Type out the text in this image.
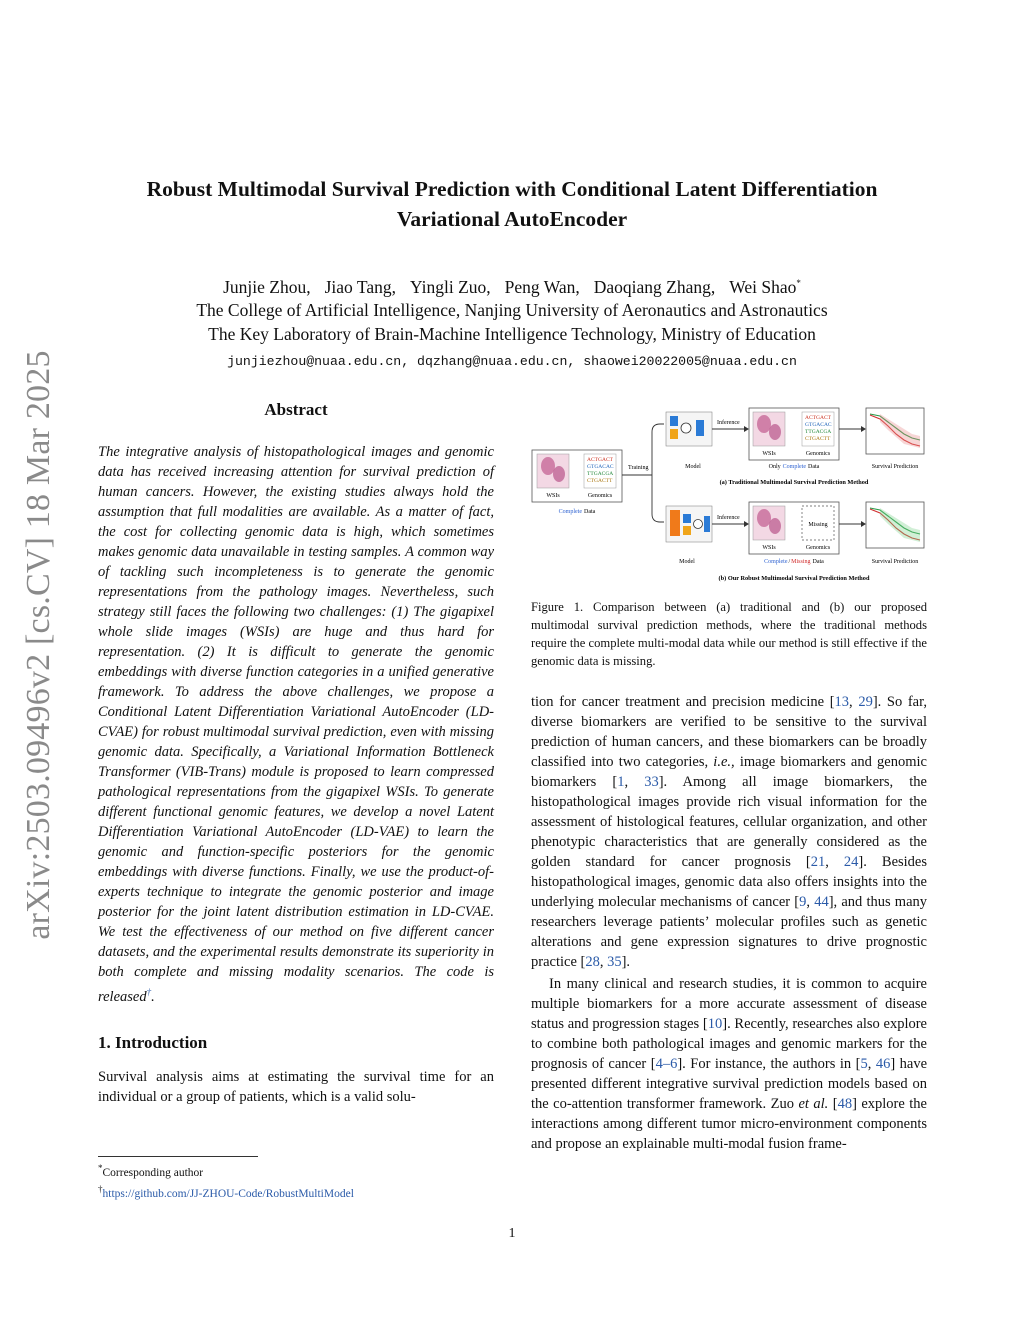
arXiv:2503.09496v2 [cs.CV] 18 Mar 2025
Robust Multimodal Survival Prediction with Conditional Latent Differentiation
Variational AutoEncoder
Junjie Zhou, Jiao Tang, Yingli Zuo, Peng Wan, Daoqiang Zhang, Wei Shao*
The College of Artificial Intelligence, Nanjing University of Aeronautics and Astronautics
The Key Laboratory of Brain-Machine Intelligence Technology, Ministry of Education
junjiezhou@nuaa.edu.cn, dqzhang@nuaa.edu.cn, shaowei20022005@nuaa.edu.cn
Abstract

The integrative analysis of histopathological images and genomic data has received increasing attention for survival prediction of human cancers. However, the existing studies always hold the assumption that full modalities are available. As a matter of fact, the cost for collecting genomic data is high, which sometimes makes genomic data unavailable in testing samples. A common way of tackling such incompleteness is to generate the genomic representations from the pathology images. Nevertheless, such strategy still faces the following two challenges: (1) The gigapixel whole slide images (WSIs) are huge and thus hard for representation. (2) It is difficult to generate the genomic embeddings with diverse function categories in a unified generative framework. To address the above challenges, we propose a Conditional Latent Differentiation Variational AutoEncoder (LD-CVAE) for robust multimodal survival prediction, even with missing genomic data. Specifically, a Variational Information Bottleneck Transformer (VIB-Trans) module is proposed to learn compressed pathological representations from the gigapixel WSIs. To generate different functional genomic features, we develop a novel Latent Differentiation Variational AutoEncoder (LD-VAE) to learn the genomic and function-specific posteriors for the genomic embeddings with diverse functions. Finally, we use the product-of-experts technique to integrate the genomic posterior and image posterior for the joint latent distribution estimation in LD-CVAE. We test the effectiveness of our method on five different cancer datasets, and the experimental results demonstrate its superiority in both complete and missing modality scenarios. The code is released†.

1. Introduction

Survival analysis aims at estimating the survival time for an individual or a group of patients, which is a valid solu-

*Corresponding author
†https://github.com/JJ-ZHOU-Code/RobustMultiModel
ACTGACT
GTGACAC
TTGACGA
CTGACTT
WSIs	Genomics
Complete Data
Training
Inference
Model
ACTGACT
GTGACAC
TTGACGA
CTGACTT
WSIs	Genomics
Only Complete Data	Survival Prediction
(a) Traditional Multimodal Survival Prediction Method
Inference
Model
Missing
WSIs	Genomics
Complete/Missing Data	Survival Prediction
(b) Our Robust Multimodal Survival Prediction Method
Figure 1. Comparison between (a) traditional and (b) our proposed multimodal survival prediction methods, where the traditional methods require the complete multi-modal data while our method is still effective if the genomic data is missing.

tion for cancer treatment and precision medicine [13, 29]. So far, diverse biomarkers are verified to be sensitive to the survival prediction of human cancers, and these biomarkers can be broadly classified into two categories, i.e., image biomarkers and genomic biomarkers [1, 33]. Among all image biomarkers, the histopathological images provide rich visual information for the assessment of histological features, cellular organization, and other phenotypic characteristics that are generally considered as the golden standard for cancer prognosis [21, 24]. Besides histopathological images, genomic data also offers insights into the underlying molecular mechanisms of cancer [9, 44], and thus many researchers leverage patients’ molecular profiles such as genetic alterations and gene expression signatures to drive prognostic practice [28, 35].

In many clinical and research studies, it is common to acquire multiple biomarkers for a more accurate assessment of disease status and progression stages [10]. Recently, researches also explore to combine both pathological images and genomic markers for the prognosis of cancer [4–6]. For instance, the authors in [5, 46] have presented different integrative survival prediction models based on the co-attention transformer framework. Zuo et al. [48] explore the interactions among different tumor micro-environment components and propose an explainable multi-modal fusion frame-

1
